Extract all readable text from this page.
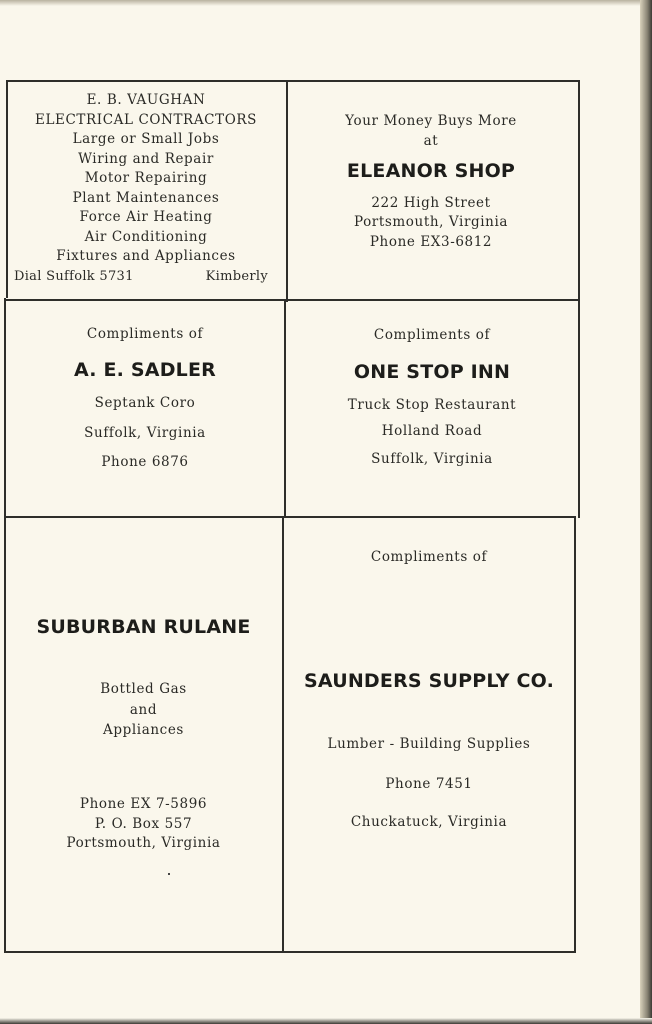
E. B. VAUGHAN
ELECTRICAL CONTRACTORS
Large or Small Jobs
Wiring and Repair
Motor Repairing
Plant Maintenances
Force Air Heating
Air Conditioning
Fixtures and Appliances
Dial Suffolk 5731	Kimberly
Your Money Buys More
at
ELEANOR SHOP
222 High Street
Portsmouth, Virginia
Phone EX3-6812
Compliments of
A. E. SADLER
Septank Coro
Suffolk, Virginia
Phone 6876
Compliments of
ONE STOP INN
Truck Stop Restaurant
Holland Road
Suffolk, Virginia
SUBURBAN RULANE
Bottled Gas
and
Appliances
Phone EX 7-5896
P. O. Box 557
Portsmouth, Virginia
Compliments of
SAUNDERS SUPPLY CO.
Lumber - Building Supplies
Phone 7451
Chuckatuck, Virginia
